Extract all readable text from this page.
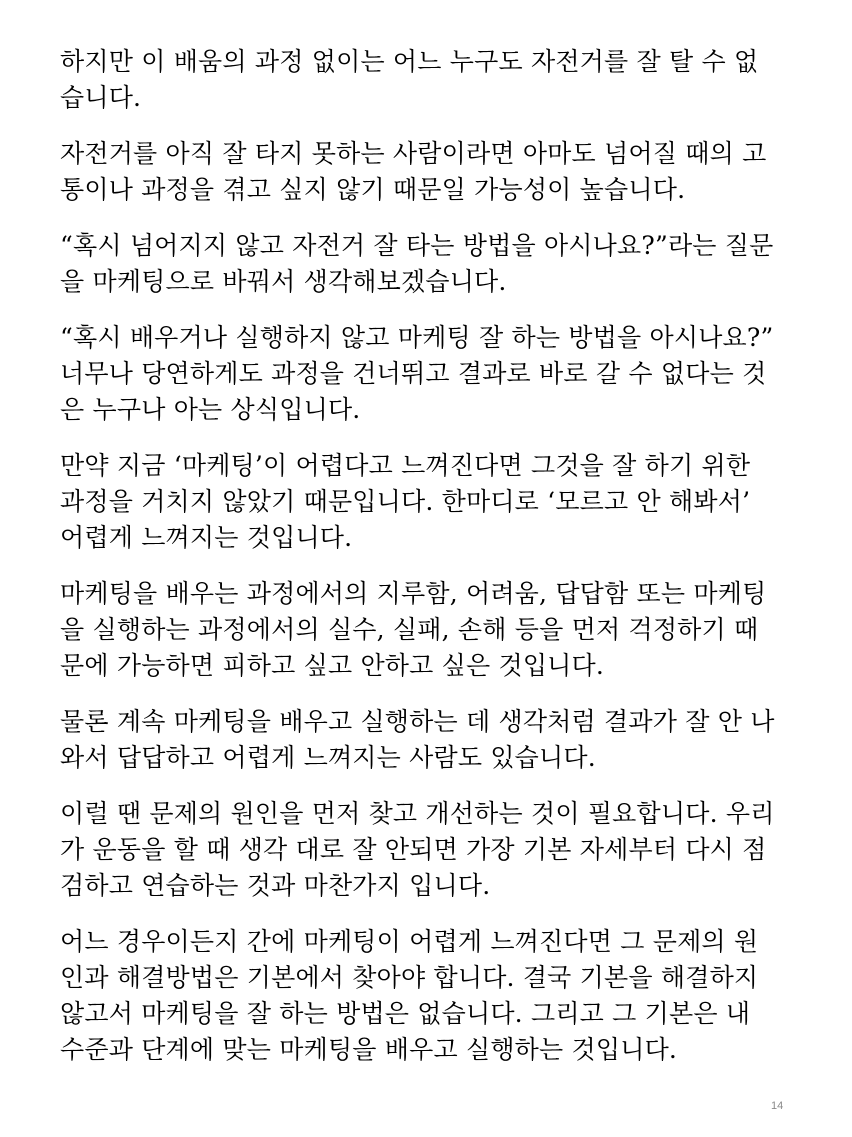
하지만 이 배움의 과정 없이는 어느 누구도 자전거를 잘 탈 수 없
습니다.

자전거를 아직 잘 타지 못하는 사람이라면 아마도 넘어질 때의 고
통이나 과정을 겪고 싶지 않기 때문일 가능성이 높습니다.

“혹시 넘어지지 않고 자전거 잘 타는 방법을 아시나요?”라는 질문
을 마케팅으로 바꿔서 생각해보겠습니다.

“혹시 배우거나 실행하지 않고 마케팅 잘 하는 방법을 아시나요?”
너무나 당연하게도 과정을 건너뛰고 결과로 바로 갈 수 없다는 것
은 누구나 아는 상식입니다.

만약 지금 ‘마케팅’이 어렵다고 느껴진다면 그것을 잘 하기 위한
과정을 거치지 않았기 때문입니다. 한마디로 ‘모르고 안 해봐서’
어렵게 느껴지는 것입니다.

마케팅을 배우는 과정에서의 지루함, 어려움, 답답함 또는 마케팅
을 실행하는 과정에서의 실수, 실패, 손해 등을 먼저 걱정하기 때
문에 가능하면 피하고 싶고 안하고 싶은 것입니다.

물론 계속 마케팅을 배우고 실행하는 데 생각처럼 결과가 잘 안 나
와서 답답하고 어렵게 느껴지는 사람도 있습니다.

이럴 땐 문제의 원인을 먼저 찾고 개선하는 것이 필요합니다. 우리
가 운동을 할 때 생각 대로 잘 안되면 가장 기본 자세부터 다시 점
검하고 연습하는 것과 마찬가지 입니다.

어느 경우이든지 간에 마케팅이 어렵게 느껴진다면 그 문제의 원
인과 해결방법은 기본에서 찾아야 합니다. 결국 기본을 해결하지
않고서 마케팅을 잘 하는 방법은 없습니다. 그리고 그 기본은 내
수준과 단계에 맞는 마케팅을 배우고 실행하는 것입니다.

14
